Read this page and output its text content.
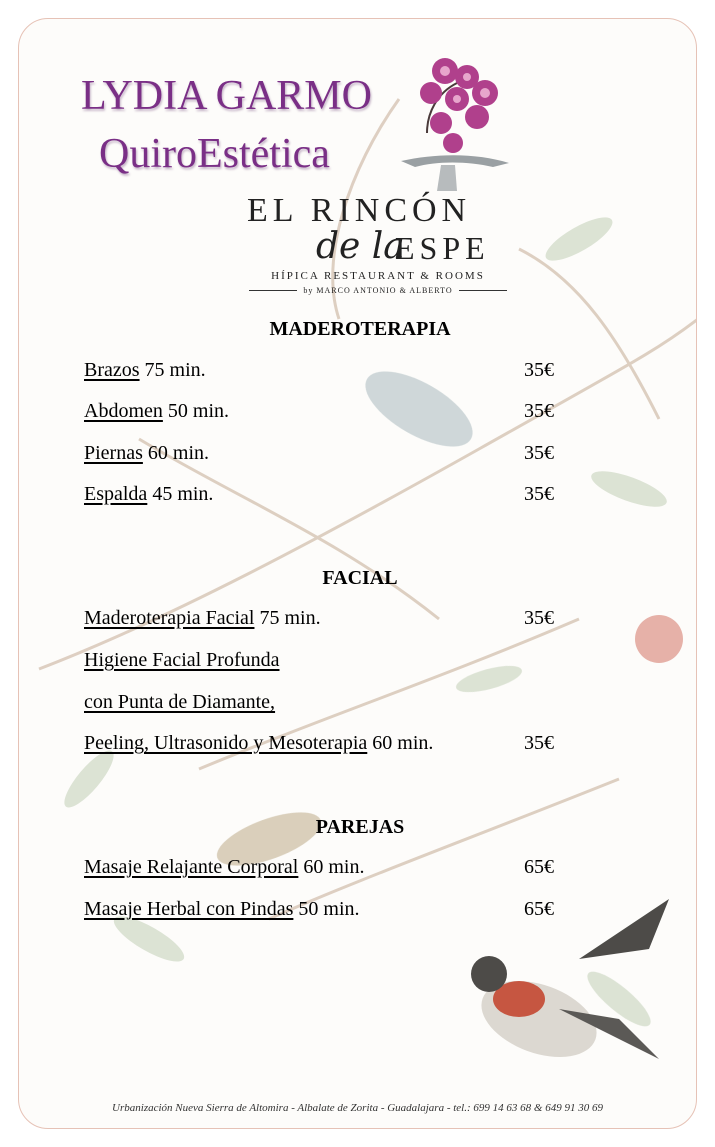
LYDIA GARMO
QuiroEstética
EL RINCÓN
de la
ESPE
HÍPICA RESTAURANT & ROOMS
by MARCO ANTONIO & ALBERTO
MADEROTERAPIA
Brazos 75 min.	35€
Abdomen 50 min.	35€
Piernas 60 min.	35€
Espalda 45 min.	35€
FACIAL
Maderoterapia Facial 75 min.	35€
Higiene Facial Profunda
con Punta de Diamante,
Peeling, Ultrasonido y Mesoterapia 60 min.	35€
PAREJAS
Masaje Relajante Corporal 60 min.	65€
Masaje Herbal con Pindas 50 min.	65€
Urbanización Nueva Sierra de Altomira - Albalate de Zorita - Guadalajara - tel.: 699 14 63 68 & 649 91 30 69
